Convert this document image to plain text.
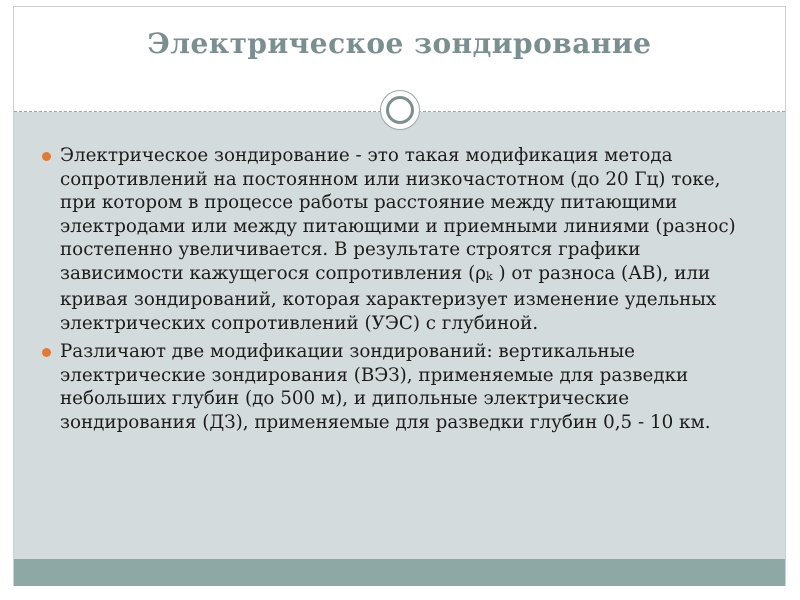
Электрическое зондирование
Электрическое зондирование - это такая модификация метода сопротивлений на постоянном или низкочастотном (до 20 Гц) токе, при котором в процессе работы расстояние между питающими электродами или между питающими и приемными линиями (разнос) постепенно увеличивается. В результате строятся графики зависимости кажущегося сопротивления (ρk ) от разноса (АВ), или кривая зондирований, которая характеризует изменение удельных электрических сопротивлений (УЭС) с глубиной.
Различают две модификации зондирований: вертикальные электрические зондирования (ВЭЗ), применяемые для разведки небольших глубин (до 500 м), и дипольные электрические зондирования (ДЗ), применяемые для разведки глубин 0,5 - 10 км.
